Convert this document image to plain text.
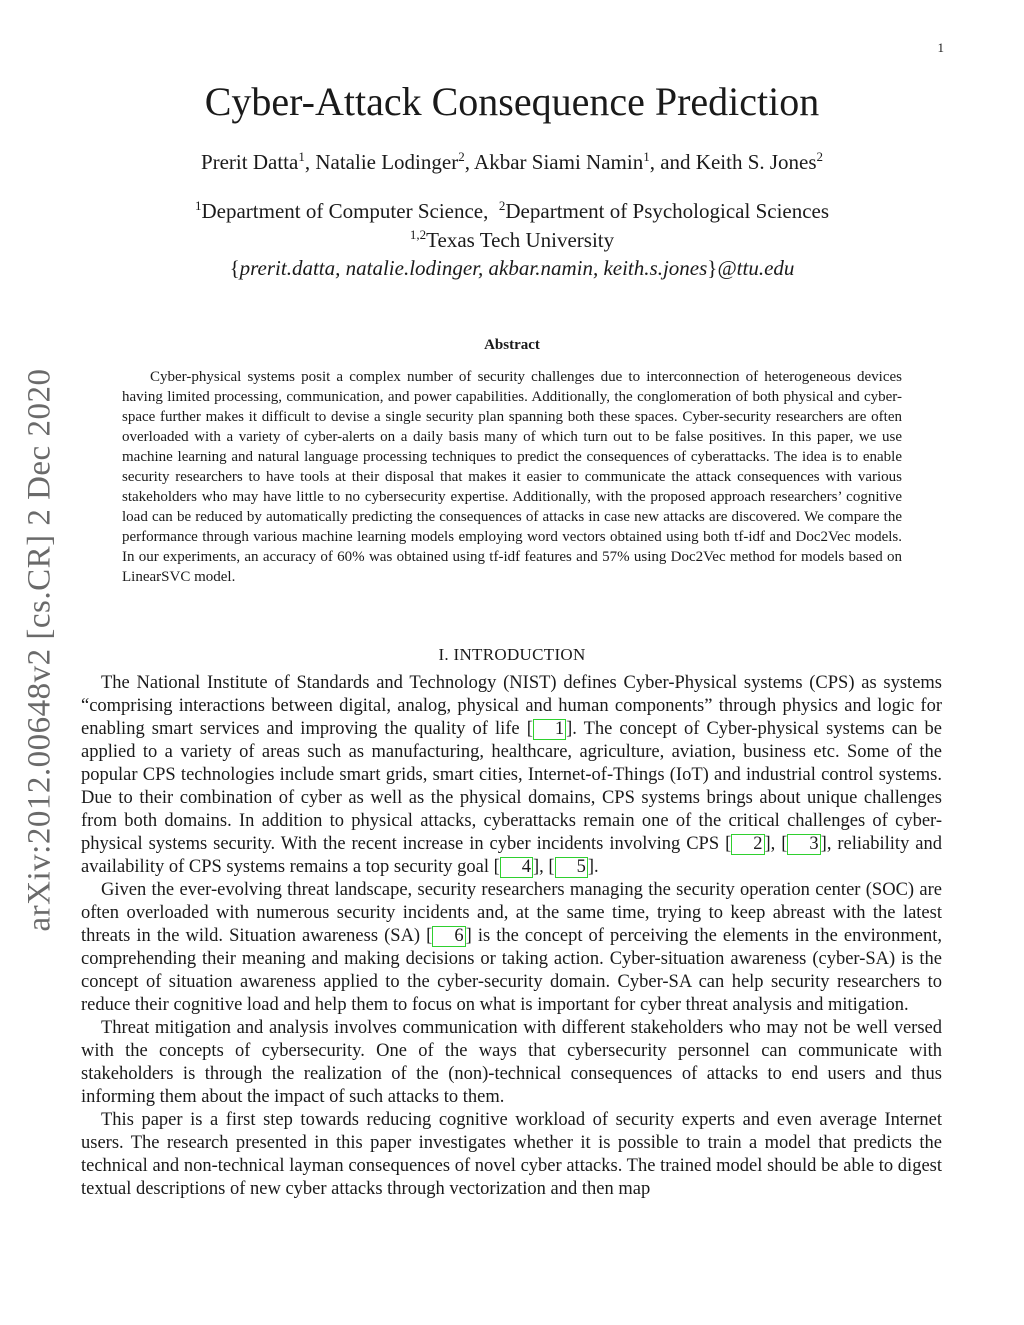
1
arXiv:2012.00648v2 [cs.CR] 2 Dec 2020
Cyber-Attack Consequence Prediction
Prerit Datta$^1$, Natalie Lodinger$^2$, Akbar Siami Namin$^1$, and Keith S. Jones$^2$
$^1$Department of Computer Science, $^2$Department of Psychological Sciences
$^{1,2}$Texas Tech University
{prerit.datta, natalie.lodinger, akbar.namin, keith.s.jones}@ttu.edu
Abstract
Cyber-physical systems posit a complex number of security challenges due to interconnection of heterogeneous devices having limited processing, communication, and power capabilities. Additionally, the conglomeration of both physical and cyber-space further makes it difficult to devise a single security plan spanning both these spaces. Cyber-security researchers are often overloaded with a variety of cyber-alerts on a daily basis many of which turn out to be false positives. In this paper, we use machine learning and natural language processing techniques to predict the consequences of cyberattacks. The idea is to enable security researchers to have tools at their disposal that makes it easier to communicate the attack consequences with various stakeholders who may have little to no cybersecurity expertise. Additionally, with the proposed approach researchers’ cognitive load can be reduced by automatically predicting the consequences of attacks in case new attacks are discovered. We compare the performance through various machine learning models employing word vectors obtained using both tf-idf and Doc2Vec models. In our experiments, an accuracy of 60% was obtained using tf-idf features and 57% using Doc2Vec method for models based on LinearSVC model.
I. INTRODUCTION

The National Institute of Standards and Technology (NIST) defines Cyber-Physical systems (CPS) as systems “comprising interactions between digital, analog, physical and human components” through physics and logic for enabling smart services and improving the quality of life [ 1 ]. The concept of Cyber-physical systems can be applied to a variety of areas such as manufacturing, healthcare, agriculture, aviation, business etc. Some of the popular CPS technologies include smart grids, smart cities, Internet-of-Things (IoT) and industrial control systems. Due to their combination of cyber as well as the physical domains, CPS systems brings about unique challenges from both domains. In addition to physical attacks, cyberattacks remain one of the critical challenges of cyber-physical systems security. With the recent increase in cyber incidents involving CPS [ 2 ], [ 3 ], reliability and availability of CPS systems remains a top security goal [ 4 ], [ 5 ].

Given the ever-evolving threat landscape, security researchers managing the security operation center (SOC) are often overloaded with numerous security incidents and, at the same time, trying to keep abreast with the latest threats in the wild. Situation awareness (SA) [ 6 ] is the concept of perceiving the elements in the environment, comprehending their meaning and making decisions or taking action. Cyber-situation awareness (cyber-SA) is the concept of situation awareness applied to the cyber-security domain. Cyber-SA can help security researchers to reduce their cognitive load and help them to focus on what is important for cyber threat analysis and mitigation.

Threat mitigation and analysis involves communication with different stakeholders who may not be well versed with the concepts of cybersecurity. One of the ways that cybersecurity personnel can communicate with stakeholders is through the realization of the (non)-technical consequences of attacks to end users and thus informing them about the impact of such attacks to them.

This paper is a first step towards reducing cognitive workload of security experts and even average Internet users. The research presented in this paper investigates whether it is possible to train a model that predicts the technical and non-technical layman consequences of novel cyber attacks. The trained model should be able to digest textual descriptions of new cyber attacks through vectorization and then map
